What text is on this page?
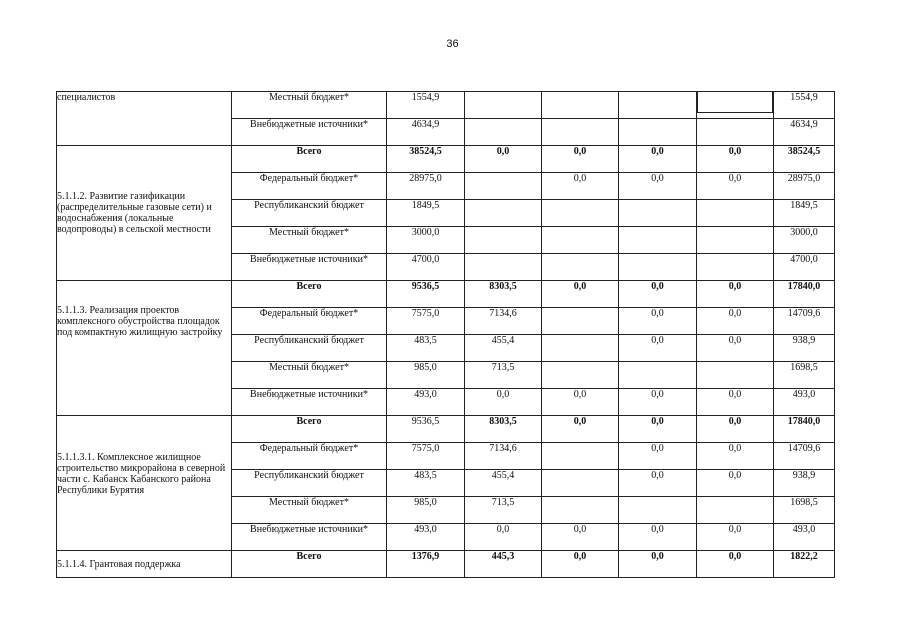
36
специалистов	Местный бюджет*	1554,9					1554,9
	Внебюджетные источники*	4634,9					4634,9
5.1.1.2. Развитие газификации (распределительные газовые сети) и водоснабжения (локальные водопроводы) в сельской местности	Всего	38524,5	0,0	0,0	0,0	0,0	38524,5
	Федеральный бюджет*	28975,0		0,0	0,0	0,0	28975,0
	Республиканский бюджет	1849,5					1849,5
	Местный бюджет*	3000,0					3000,0
	Внебюджетные источники*	4700,0					4700,0
5.1.1.3. Реализация проектов комплексного обустройства площадок под компактную жилищную застройку	Всего	9536,5	8303,5	0,0	0,0	0,0	17840,0
	Федеральный бюджет*	7575,0	7134,6		0,0	0,0	14709,6
	Республиканский бюджет	483,5	455,4		0,0	0,0	938,9
	Местный бюджет*	985,0	713,5				1698,5
	Внебюджетные источники*	493,0	0,0	0,0	0,0	0,0	493,0
5.1.1.3.1. Комплексное жилищное строительство микрорайона в северной части с. Кабанск Кабанского района Республики Бурятия	Всего	9536,5	8303,5	0,0	0,0	0,0	17840,0
	Федеральный бюджет*	7575,0	7134,6		0,0	0,0	14709,6
	Республиканский бюджет	483,5	455,4		0,0	0,0	938,9
	Местный бюджет*	985,0	713,5				1698,5
	Внебюджетные источники*	493,0	0,0	0,0	0,0	0,0	493,0
5.1.1.4. Грантовая поддержка	Всего	1376,9	445,3	0,0	0,0	0,0	1822,2
